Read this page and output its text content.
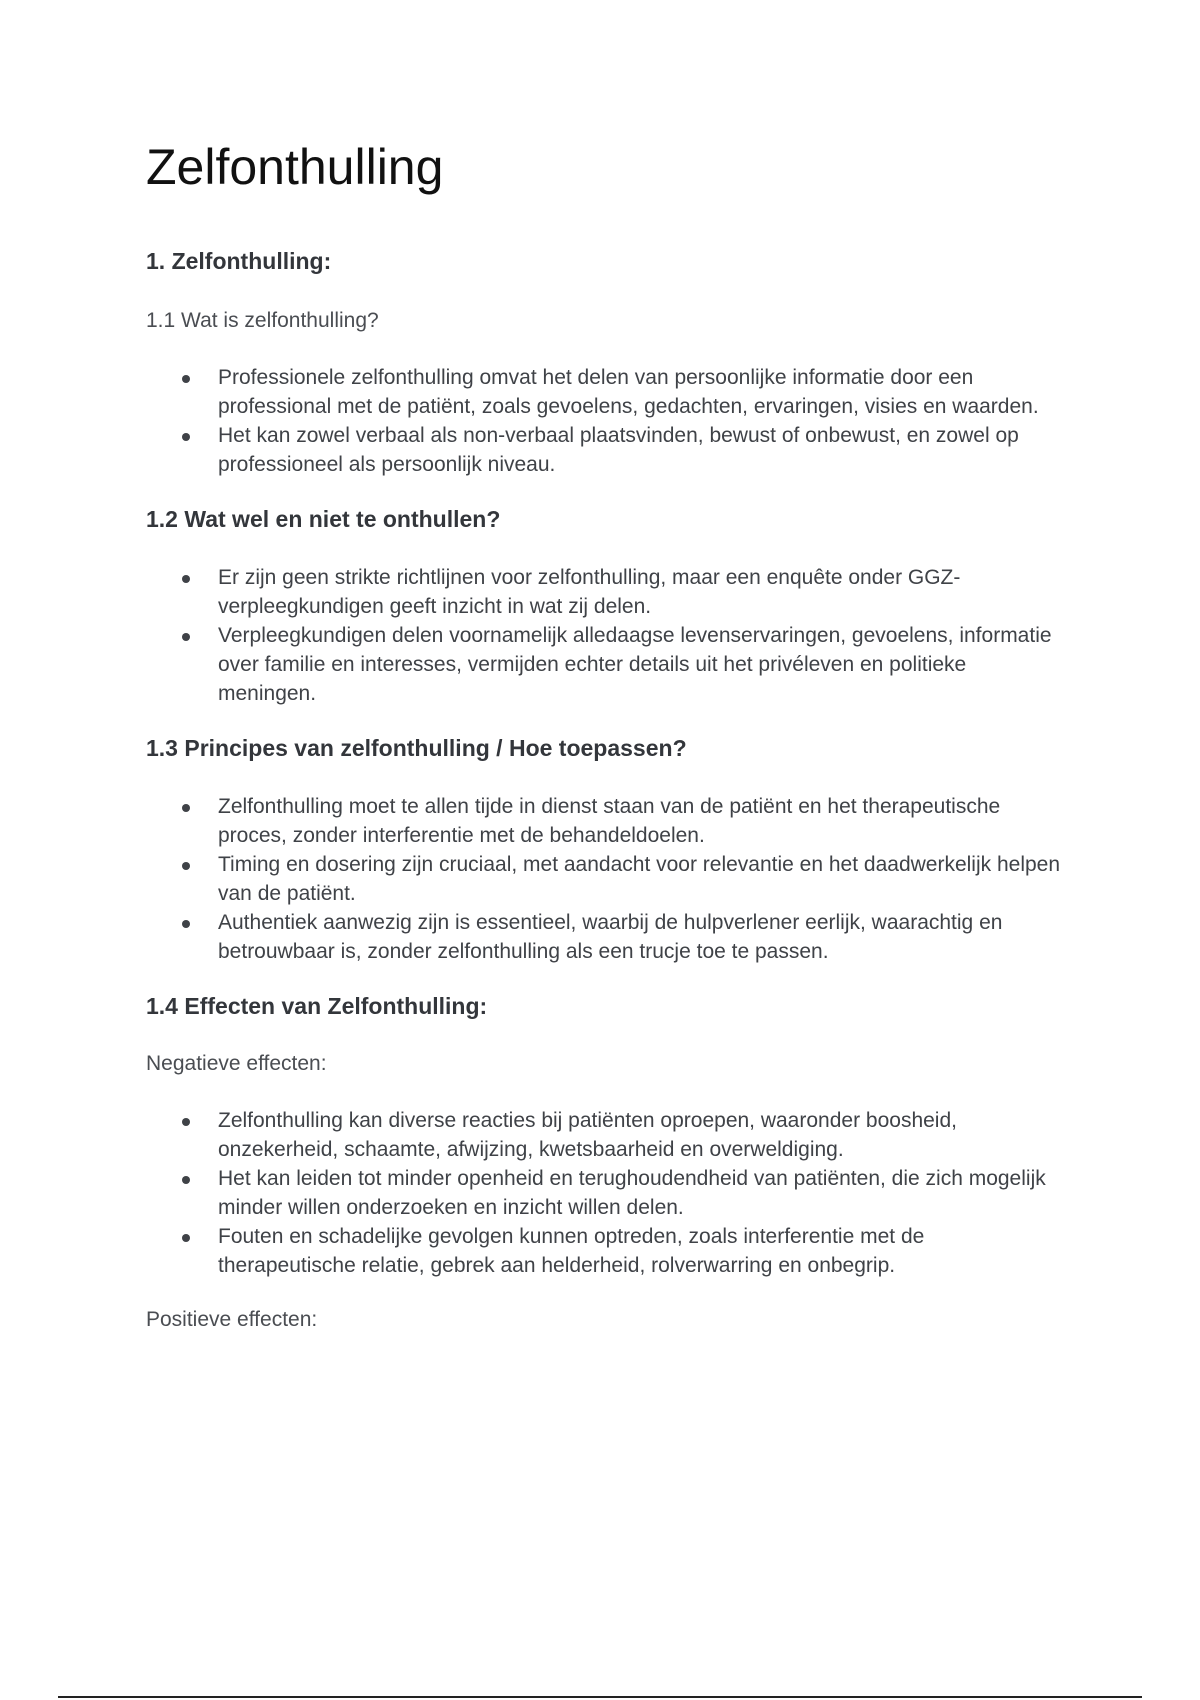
Zelfonthulling
1. Zelfonthulling:
1.1 Wat is zelfonthulling?
Professionele zelfonthulling omvat het delen van persoonlijke informatie door een professional met de patiënt, zoals gevoelens, gedachten, ervaringen, visies en waarden.
Het kan zowel verbaal als non-verbaal plaatsvinden, bewust of onbewust, en zowel op professioneel als persoonlijk niveau.
1.2 Wat wel en niet te onthullen?
Er zijn geen strikte richtlijnen voor zelfonthulling, maar een enquête onder GGZ-verpleegkundigen geeft inzicht in wat zij delen.
Verpleegkundigen delen voornamelijk alledaagse levenservaringen, gevoelens, informatie over familie en interesses, vermijden echter details uit het privéleven en politieke meningen.
1.3 Principes van zelfonthulling / Hoe toepassen?
Zelfonthulling moet te allen tijde in dienst staan van de patiënt en het therapeutische proces, zonder interferentie met de behandeldoelen.
Timing en dosering zijn cruciaal, met aandacht voor relevantie en het daadwerkelijk helpen van de patiënt.
Authentiek aanwezig zijn is essentieel, waarbij de hulpverlener eerlijk, waarachtig en betrouwbaar is, zonder zelfonthulling als een trucje toe te passen.
1.4 Effecten van Zelfonthulling:
Negatieve effecten:
Zelfonthulling kan diverse reacties bij patiënten oproepen, waaronder boosheid, onzekerheid, schaamte, afwijzing, kwetsbaarheid en overweldiging.
Het kan leiden tot minder openheid en terughoudendheid van patiënten, die zich mogelijk minder willen onderzoeken en inzicht willen delen.
Fouten en schadelijke gevolgen kunnen optreden, zoals interferentie met de therapeutische relatie, gebrek aan helderheid, rolverwarring en onbegrip.
Positieve effecten:
